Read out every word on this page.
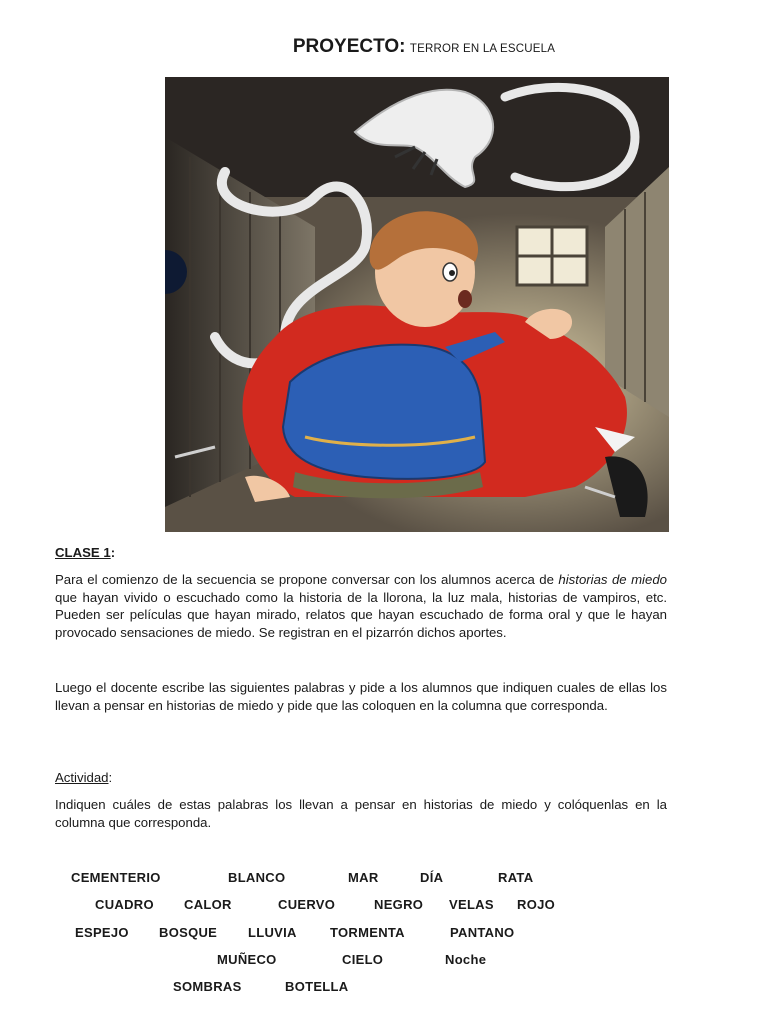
PROYECTO: TERROR EN LA ESCUELA
CLASE 1:
Para el comienzo de la secuencia se propone conversar con los alumnos acerca de historias de miedo que hayan vivido o escuchado como la historia de la llorona, la luz mala, historias de vampiros, etc. Pueden ser películas que hayan mirado, relatos que hayan escuchado de forma oral y que le hayan provocado sensaciones de miedo. Se registran en el pizarrón dichos aportes.
Luego el docente escribe las siguientes palabras y pide a los alumnos que indiquen cuales de ellas los llevan a pensar en historias de miedo y pide que las coloquen en la columna que corresponda.
Actividad:
Indiquen cuáles de estas palabras los llevan a pensar en historias de miedo y colóquenlas en la columna que corresponda.
CEMENTERIO	BLANCO	MAR	DÍA	RATA
CUADRO CALOR	CUERVO	NEGRO VELAS ROJO
ESPEJO BOSQUE LLUVIA	TORMENTA	PANTANO
MUÑECO	CIELO	Noche
SOMBRAS	BOTELLA
